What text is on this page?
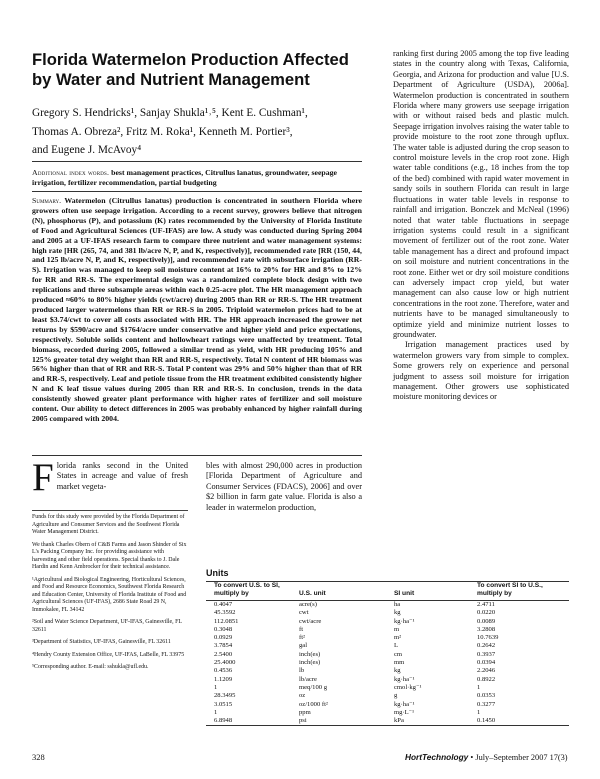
Florida Watermelon Production Affected
by Water and Nutrient Management
Gregory S. Hendricks¹, Sanjay Shukla¹˒⁵, Kent E. Cushman¹,
Thomas A. Obreza², Fritz M. Roka¹, Kenneth M. Portier³,
and Eugene J. McAvoy⁴
Additional index words. best management practices, Citrullus lanatus, groundwater, seepage irrigation, fertilizer recommendation, partial budgeting
Summary. Watermelon (Citrullus lanatus) production is concentrated in southern Florida where growers often use seepage irrigation. According to a recent survey, growers believe that nitrogen (N), phosphorus (P), and potassium (K) rates recommended by the University of Florida Institute of Food and Agricultural Sciences (UF-IFAS) are low. A study was conducted during Spring 2004 and 2005 at a UF-IFAS research farm to compare three nutrient and water management systems: high rate [HR (265, 74, and 381 lb/acre N, P, and K, respectively)], recommended rate [RR (150, 44, and 125 lb/acre N, P, and K, respectively)], and recommended rate with subsurface irrigation (RR-S). Irrigation was managed to keep soil moisture content at 16% to 20% for HR and 8% to 12% for RR and RR-S. The experimental design was a randomized complete block design with two replications and three subsample areas within each 0.25-acre plot. The HR management approach produced ≈60% to 80% higher yields (cwt/acre) during 2005 than RR or RR-S. The HR treatment produced larger watermelons than RR or RR-S in 2005. Triploid watermelon prices had to be at least $3.74/cwt to cover all costs associated with HR. The HR approach increased the grower net returns by $590/acre and $1764/acre under conservative and higher yield and price expectations, respectively. Soluble solids content and hollowheart ratings were unaffected by treatment. Total biomass, recorded during 2005, followed a similar trend as yield, with HR producing 105% and 125% greater total dry weight than RR and RR-S, respectively. Total N content of HR biomass was 56% higher than that of RR and RR-S. Total P content was 29% and 50% higher than that of RR and RR-S, respectively. Leaf and petiole tissue from the HR treatment exhibited consistently higher N and K leaf tissue values during 2005 than RR and RR-S. In conclusion, trends in the data consistently showed greater plant performance with higher rates of fertilizer and soil moisture content. Our ability to detect differences in 2005 was probably enhanced by higher rainfall during 2005 compared with 2004.
Florida ranks second in the United States in acreage and value of fresh market vegeta-

Funds for this study were provided by the Florida Department of Agriculture and Consumer Services and the Southwest Florida Water Management District.

We thank Charles Obern of C&B Farms and Jason Shinder of Six L's Packing Company Inc. for providing assistance with harvesting and other field operations. Special thanks to J. Dale Hardin and Kenn Ambrocker for their technical assistance.

¹Agricultural and Biological Engineering, Horticultural Sciences, and Food and Resource Economics, Southwest Florida Research and Education Center, University of Florida Institute of Food and Agricultural Sciences (UF-IFAS), 2686 State Road 29 N, Immokalee, FL 34142

²Soil and Water Science Department, UF-IFAS, Gainesville, FL 32611

³Department of Statistics, UF-IFAS, Gainesville, FL 32611

⁴Hendry County Extension Office, UF-IFAS, LaBelle, FL 33975

⁵Corresponding author. E-mail: sshukla@ufl.edu.

bles with almost 290,000 acres in production [Florida Department of Agriculture and Consumer Services (FDACS), 2006] and over $2 billion in farm gate value. Florida is also a leader in watermelon production,

ranking first during 2005 among the top five leading states in the country along with Texas, California, Georgia, and Arizona for production and value [U.S. Department of Agriculture (USDA), 2006a]. Watermelon production is concentrated in southern Florida where many growers use seepage irrigation with or without raised beds and plastic mulch. Seepage irrigation involves raising the water table to provide moisture to the root zone through upflux. The water table is adjusted during the crop season to control moisture levels in the crop root zone. High water table conditions (e.g., 18 inches from the top of the bed) combined with rapid water movement in sandy soils in southern Florida can result in large fluctuations in water table levels in response to rainfall and irrigation. Bonczek and McNeal (1996) noted that water table fluctuations in seepage irrigation systems could result in a significant movement of fertilizer out of the root zone. Water table management has a direct and profound impact on soil moisture and nutrient concentrations in the root zone. Either wet or dry soil moisture conditions can adversely impact crop yield, but water management can also cause low or high nutrient concentrations in the root zone. Therefore, water and nutrients have to be managed simultaneously to optimize yield and minimize nutrient losses to groundwater.

Irrigation management practices used by watermelon growers vary from simple to complex. Some growers rely on experience and personal judgment to assess soil moisture for irrigation management. Other growers use sophisticated moisture monitoring devices or

Units
To convert U.S. to SI, multiply by	U.S. unit	SI unit	To convert SI to U.S., multiply by
0.4047	acre(s)	ha	2.4711
45.3592	cwt	kg	0.0220
112.0851	cwt/acre	kg·ha⁻¹	0.0089
0.3048	ft	m	3.2808
0.0929	ft²	m²	10.7639
3.7854	gal	L	0.2642
2.5400	inch(es)	cm	0.3937
25.4000	inch(es)	mm	0.0394
0.4536	lb	kg	2.2046
1.1209	lb/acre	kg·ha⁻¹	0.8922
1	meq/100 g	cmol·kg⁻¹	1
28.3495	oz	g	0.0353
3.0515	oz/1000 ft²	kg·ha⁻¹	0.3277
1	ppm	mg·L⁻¹	1
6.8948	psi	kPa	0.1450
328	HortTechnology • July–September 2007 17(3)
